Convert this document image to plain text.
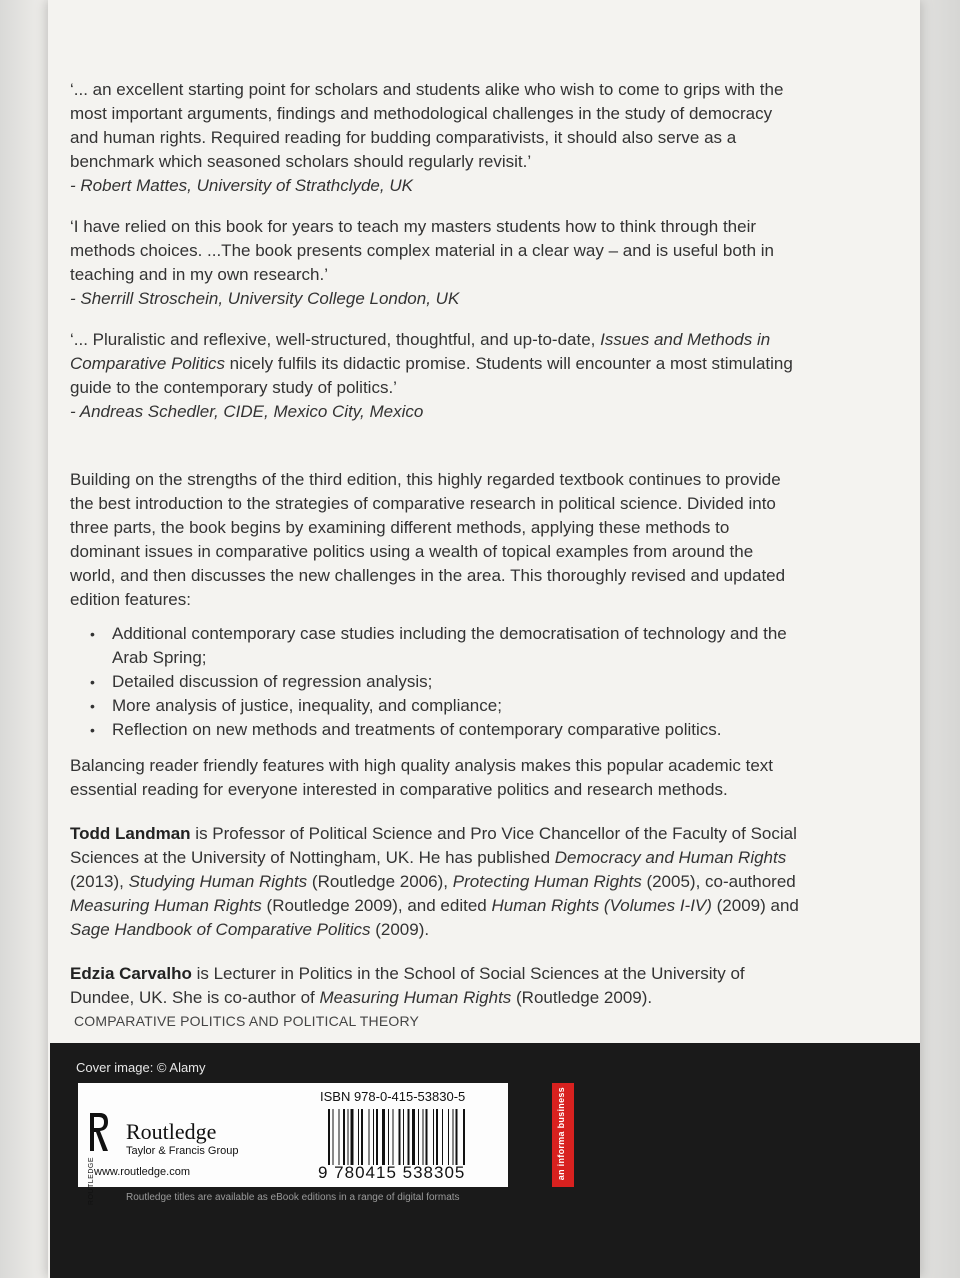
‘... an excellent starting point for scholars and students alike who wish to come to grips with the most important arguments, findings and methodological challenges in the study of democracy and human rights. Required reading for budding comparativists, it should also serve as a benchmark which seasoned scholars should regularly revisit.’
- Robert Mattes, University of Strathclyde, UK
‘I have relied on this book for years to teach my masters students how to think through their methods choices. ...The book presents complex material in a clear way – and is useful both in teaching and in my own research.’
- Sherrill Stroschein, University College London, UK
‘... Pluralistic and reflexive, well-structured, thoughtful, and up-to-date, Issues and Methods in Comparative Politics nicely fulfils its didactic promise. Students will encounter a most stimulating guide to the contemporary study of politics.’
- Andreas Schedler, CIDE, Mexico City, Mexico

Building on the strengths of the third edition, this highly regarded textbook continues to provide the best introduction to the strategies of comparative research in political science. Divided into three parts, the book begins by examining different methods, applying these methods to dominant issues in comparative politics using a wealth of topical examples from around the world, and then discusses the new challenges in the area. This thoroughly revised and updated edition features:

• Additional contemporary case studies including the democratisation of technology and the Arab Spring;
• Detailed discussion of regression analysis;
• More analysis of justice, inequality, and compliance;
• Reflection on new methods and treatments of contemporary comparative politics.

Balancing reader friendly features with high quality analysis makes this popular academic text essential reading for everyone interested in comparative politics and research methods.

Todd Landman is Professor of Political Science and Pro Vice Chancellor of the Faculty of Social Sciences at the University of Nottingham, UK. He has published Democracy and Human Rights (2013), Studying Human Rights (Routledge 2006), Protecting Human Rights (2005), co-authored Measuring Human Rights (Routledge 2009), and edited Human Rights (Volumes I-IV) (2009) and Sage Handbook of Comparative Politics (2009).
Edzia Carvalho is Lecturer in Politics in the School of Social Sciences at the University of Dundee, UK. She is co-author of Measuring Human Rights (Routledge 2009).
COMPARATIVE POLITICS AND POLITICAL THEORY
Cover image: © Alamy
ROUTLEDGE
Routledge
Taylor & Francis Group
www.routledge.com
ISBN 978-0-415-53830-5
9 780415 538305	an informa business
Routledge titles are available as eBook editions in a range of digital formats
